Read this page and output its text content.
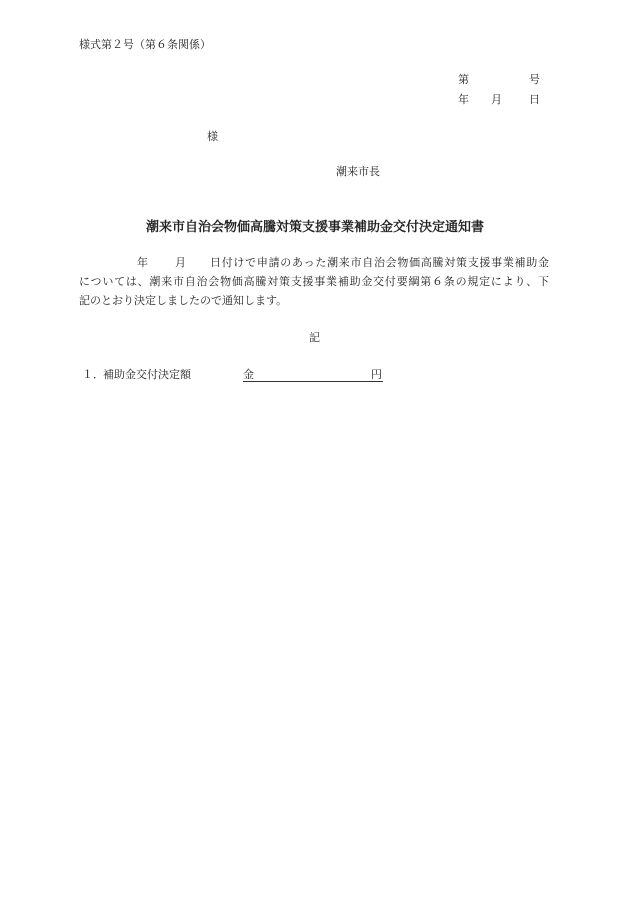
様式第２号（第６条関係）
第	号
年 月 日
様
潮来市長
潮来市自治会物価高騰対策支援事業補助金交付決定通知書
年 月 日付けで申請のあった潮来市自治会物価高騰対策支援事業補助金
については、潮来市自治会物価高騰対策支援事業補助金交付要綱第６条の規定により、下
記のとおり決定しましたので通知します。
記
１． 補助金交付決定額	金	円
